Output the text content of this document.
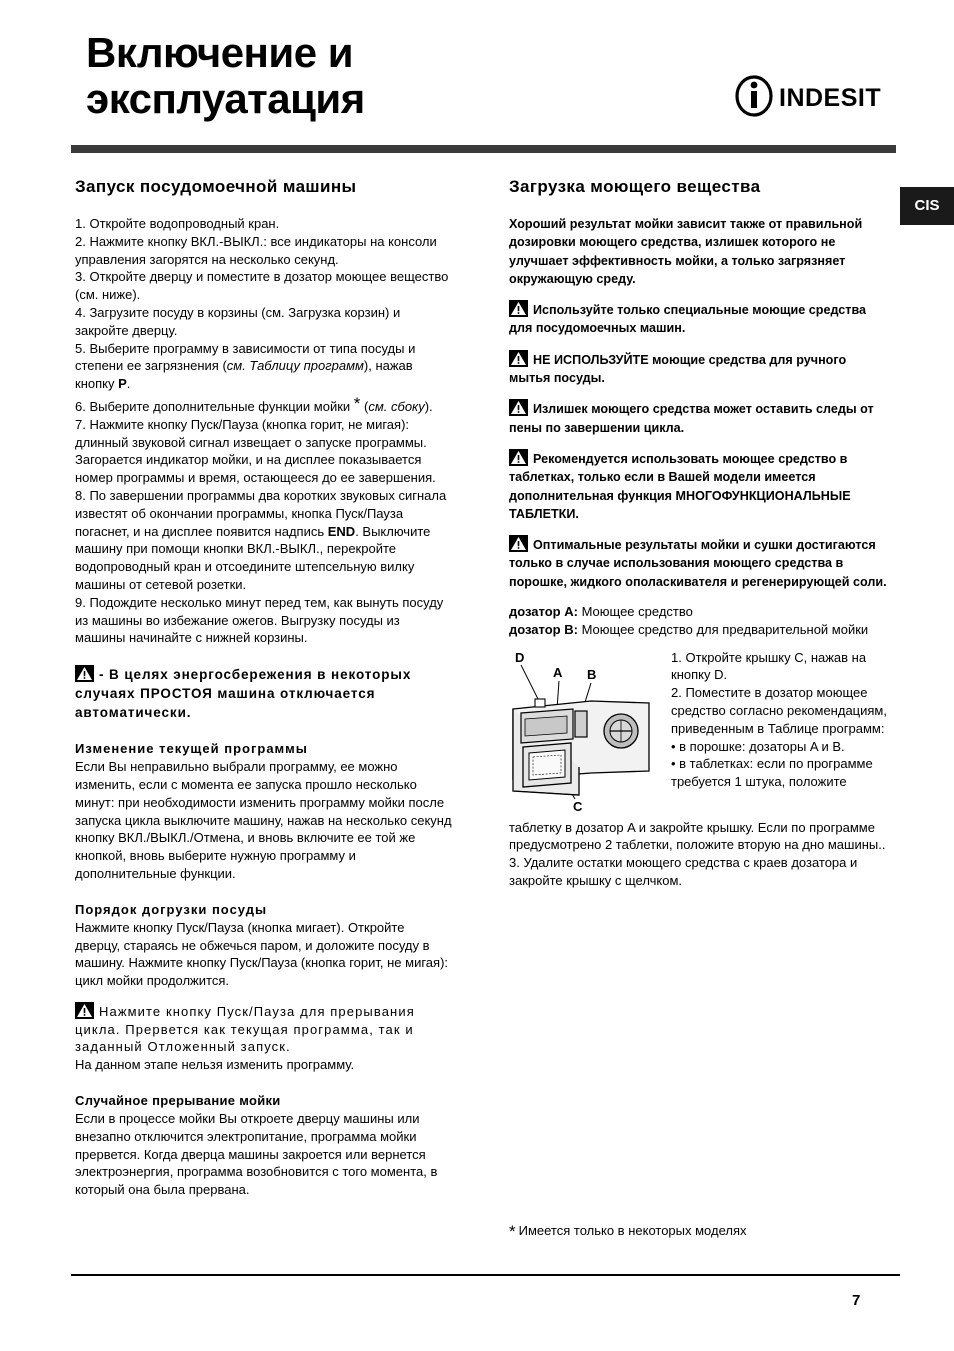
Включение и
эксплуатация	INDESIT
CIS
Запуск посудомоечной машины

1. Откройте водопроводный кран.

2. Нажмите кнопку ВКЛ.-ВЫКЛ.: все индикаторы на консоли управления загорятся на несколько секунд.

3. Откройте дверцу и поместите в дозатор моющее вещество (см. ниже).

4. Загрузите посуду в корзины (см. Загрузка корзин) и закройте дверцу.

5. Выберите программу в зависимости от типа посуды и степени ее загрязнения (см. Таблицу программ), нажав кнопку P.

6. Выберите дополнительные функции мойки * (см. сбоку).

7. Нажмите кнопку Пуск/Пауза (кнопка горит, не мигая): длинный звуковой сигнал извещает о запуске программы. Загорается индикатор мойки, и на дисплее показывается номер программы и время, остающееся до ее завершения.

8. По завершении программы два коротких звуковых сигнала известят об окончании программы, кнопка Пуск/Пауза погаснет, и на дисплее появится надпись END. Выключите машину при помощи кнопки ВКЛ.-ВЫКЛ., перекройте водопроводный кран и отсоедините штепсельную вилку машины от сетевой розетки.

9. Подождите несколько минут перед тем, как вынуть посуду из машины во избежание ожегов. Выгрузку посуды из машины начинайте с нижней корзины.

- В целях энергосбережения в некоторых случаях ПРОСТОЯ машина отключается автоматически.

Изменение текущей программы

Если Вы неправильно выбрали программу, ее можно изменить, если с момента ее запуска прошло несколько минут: при необходимости изменить программу мойки после запуска цикла выключите машину, нажав на несколько секунд кнопку ВКЛ./ВЫКЛ./Отмена, и вновь включите ее той же кнопкой, вновь выберите нужную программу и дополнительные функции.

Порядок догрузки посуды

Нажмите кнопку Пуск/Пауза (кнопка мигает). Откройте дверцу, стараясь не обжечься паром, и доложите посуду в машину. Нажмите кнопку Пуск/Пауза (кнопка горит, не мигая): цикл мойки продолжится.

Нажмите кнопку Пуск/Пауза для прерывания цикла. Прервется как текущая программа, так и заданный Отложенный запуск.

На данном этапе нельзя изменить программу.

Случайное прерывание мойки

Если в процессе мойки Вы откроете дверцу машины или внезапно отключится электропитание, программа мойки прервется. Когда дверца машины закроется или вернется электроэнергия, программа возобновится с того момента, в который она была прервана.

Загрузка моющего вещества

Хороший результат мойки зависит также от правильной дозировки моющего средства, излишек которого не улучшает эффективность мойки, а только загрязняет окружающую среду.

Используйте только специальные моющие средства для посудомоечных машин.

НЕ ИСПОЛЬЗУЙТЕ моющие средства для ручного мытья посуды.

Излишек моющего средства может оставить следы от пены по завершении цикла.

Рекомендуется использовать моющее средство в таблетках, только если в Вашей модели имеется дополнительная функция МНОГОФУНКЦИОНАЛЬНЫЕ ТАБЛЕТКИ.

Оптимальные результаты мойки и сушки достигаются только в случае использования моющего средства в порошке, жидкого ополаскивателя и регенерирующей соли.

дозатор A: Моющее средство

дозатор B: Моющее средство для предварительной мойки

D
A B
C

1. Откройте крышку C, нажав на кнопку D.

2. Поместите в дозатор моющее средство согласно рекомендациям, приведенным в Таблице программ:

• в порошке: дозаторы A и B.

• в таблетках: если по программе требуется 1 штука, положите

таблетку в дозатор A и закройте крышку. Если по программе предусмотрено 2 таблетки, положите вторую на дно машины..

3. Удалите остатки моющего средства с краев дозатора и закройте крышку с щелчком.

* Имеется только в некоторых моделях
7
